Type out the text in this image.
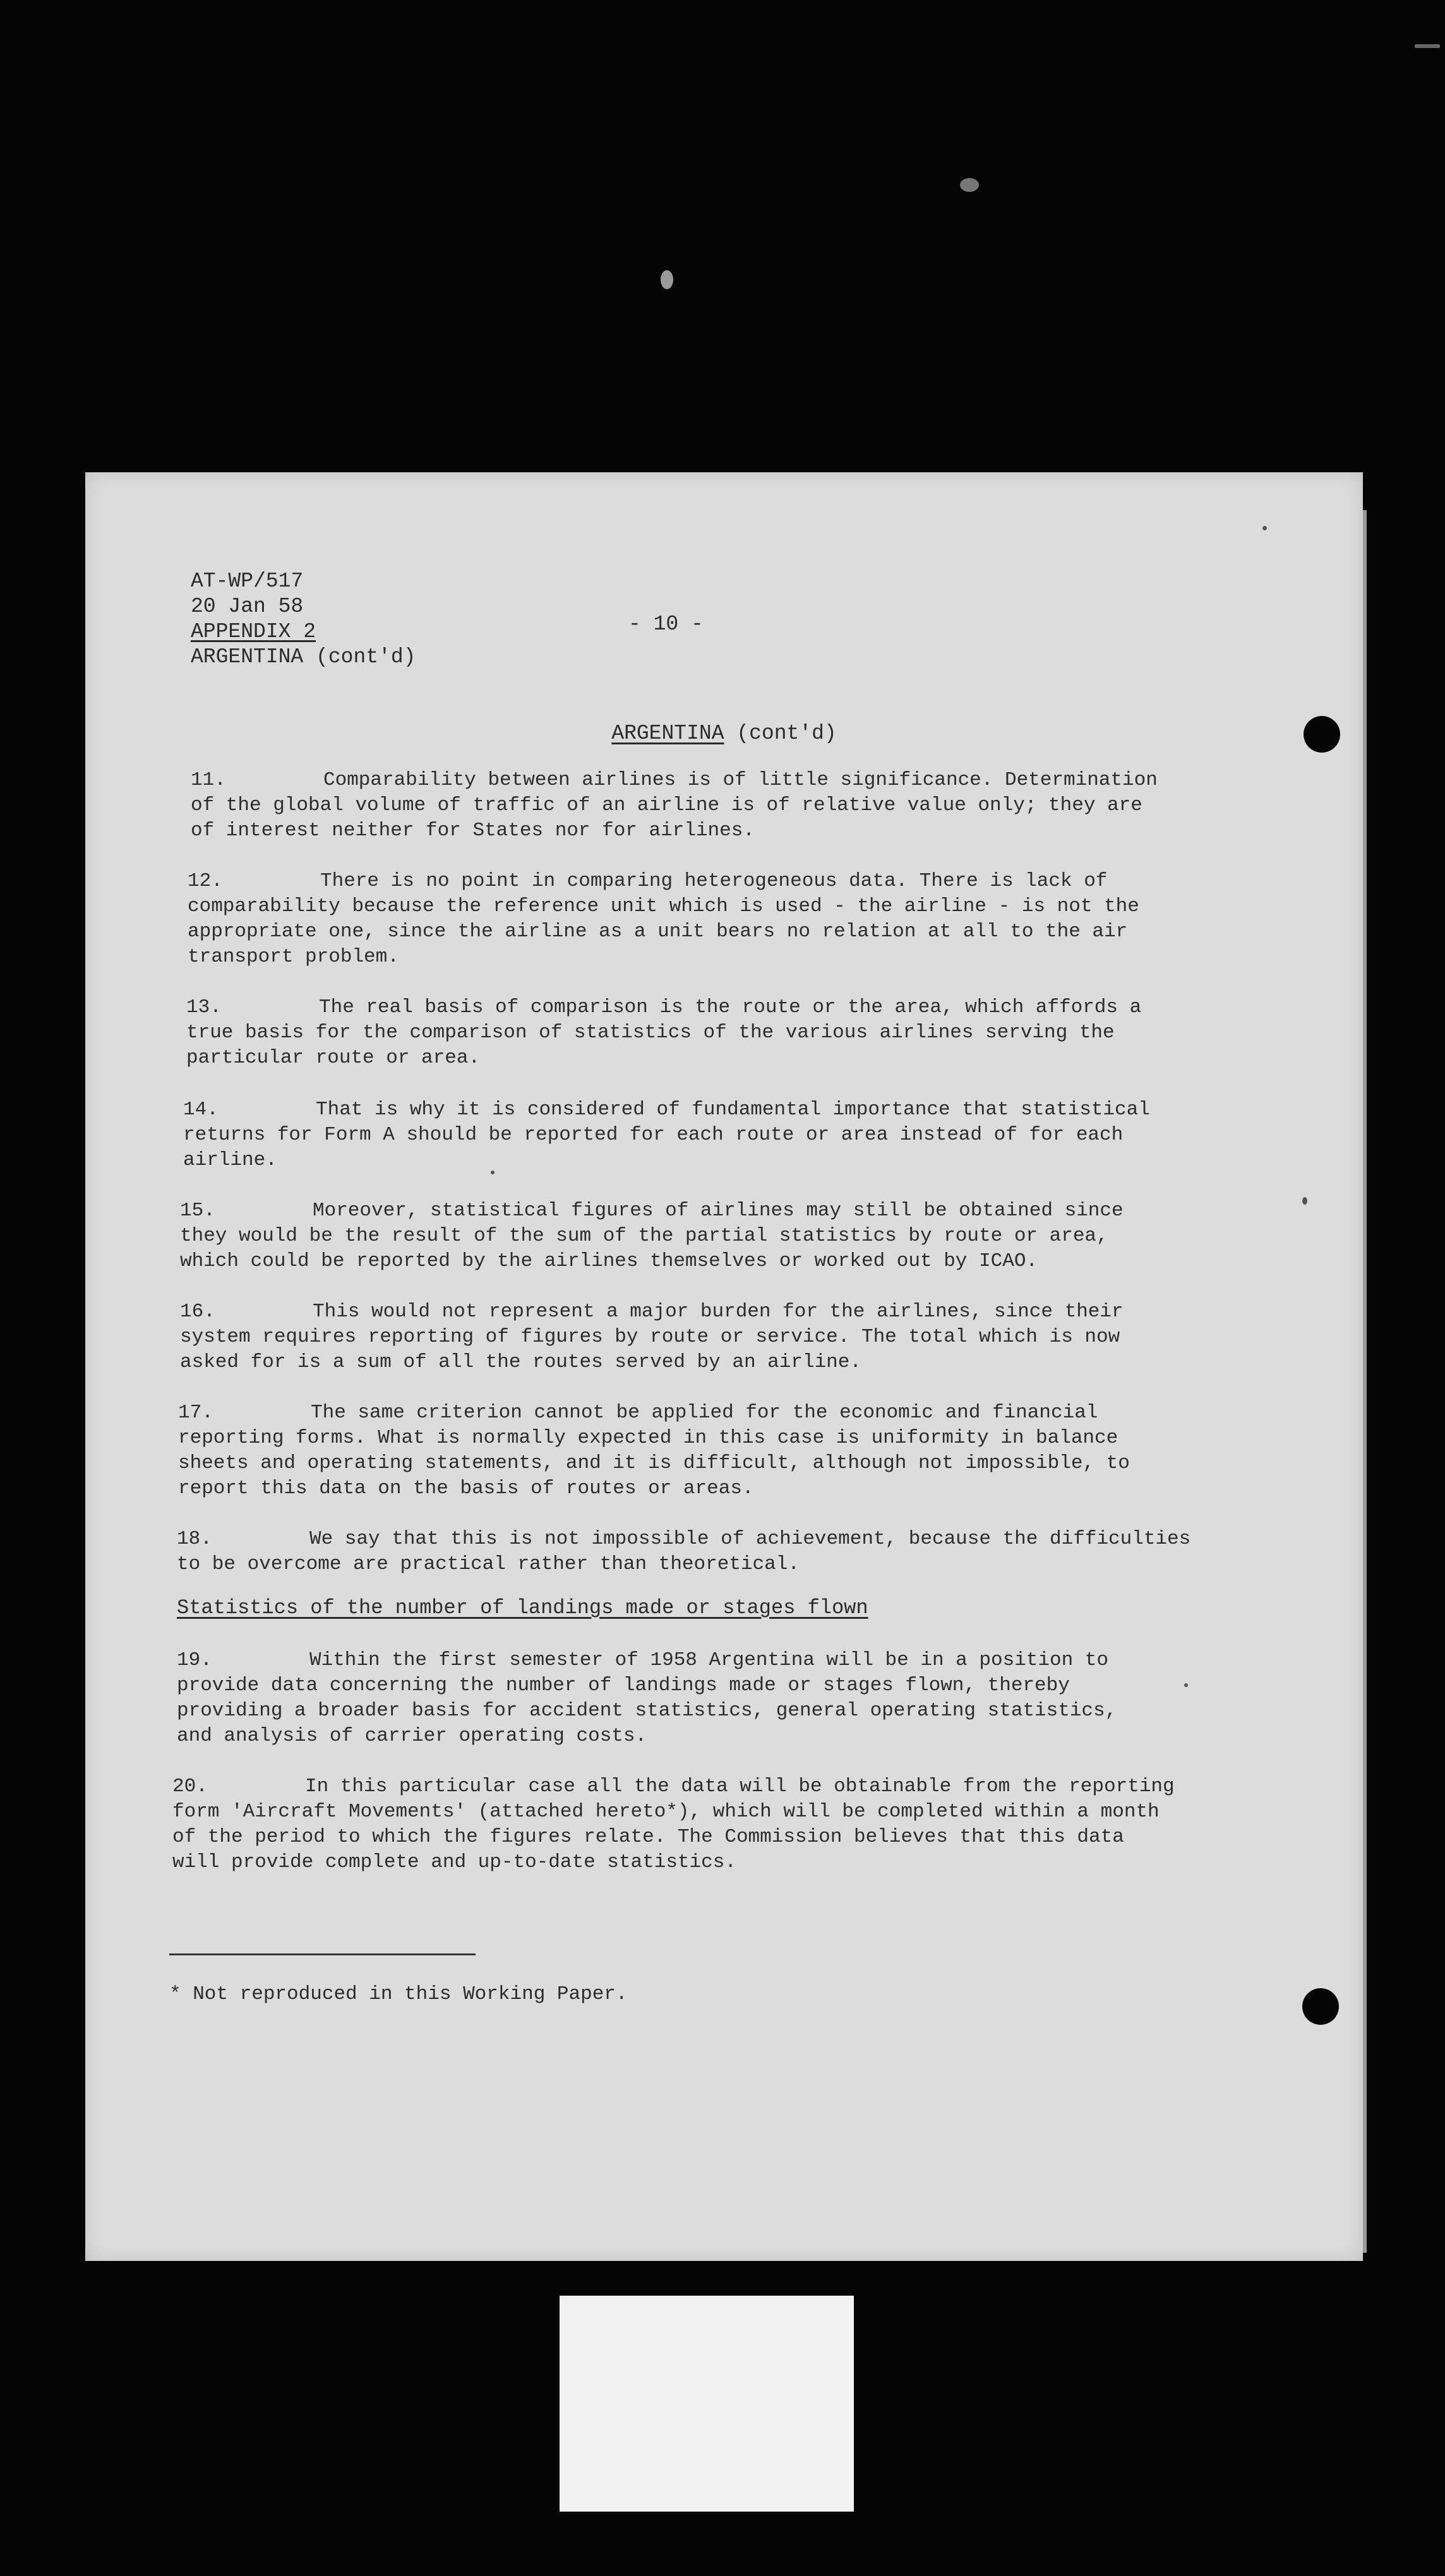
AT-WP/517
20 Jan 58
APPENDIX 2
ARGENTINA (cont'd)
- 10 -
ARGENTINA (cont'd)
11.	Comparability between airlines is of little significance. Determination
of the global volume of traffic of an airline is of relative value only; they are
of interest neither for States nor for airlines.
12.	There is no point in comparing heterogeneous data. There is lack of
comparability because the reference unit which is used - the airline - is not the
appropriate one, since the airline as a unit bears no relation at all to the air
transport problem.
13.	The real basis of comparison is the route or the area, which affords a
true basis for the comparison of statistics of the various airlines serving the
particular route or area.
14.	That is why it is considered of fundamental importance that statistical
returns for Form A should be reported for each route or area instead of for each
airline.
15.	Moreover, statistical figures of airlines may still be obtained since
they would be the result of the sum of the partial statistics by route or area,
which could be reported by the airlines themselves or worked out by ICAO.
16.	This would not represent a major burden for the airlines, since their
system requires reporting of figures by route or service. The total which is now
asked for is a sum of all the routes served by an airline.
17.	The same criterion cannot be applied for the economic and financial
reporting forms. What is normally expected in this case is uniformity in balance
sheets and operating statements, and it is difficult, although not impossible, to
report this data on the basis of routes or areas.
18.	We say that this is not impossible of achievement, because the difficulties
to be overcome are practical rather than theoretical.
Statistics of the number of landings made or stages flown
19.	Within the first semester of 1958 Argentina will be in a position to
provide data concerning the number of landings made or stages flown, thereby
providing a broader basis for accident statistics, general operating statistics,
and analysis of carrier operating costs.
20.	In this particular case all the data will be obtainable from the reporting
form 'Aircraft Movements' (attached hereto*), which will be completed within a month
of the period to which the figures relate. The Commission believes that this data
will provide complete and up-to-date statistics.
* Not reproduced in this Working Paper.
